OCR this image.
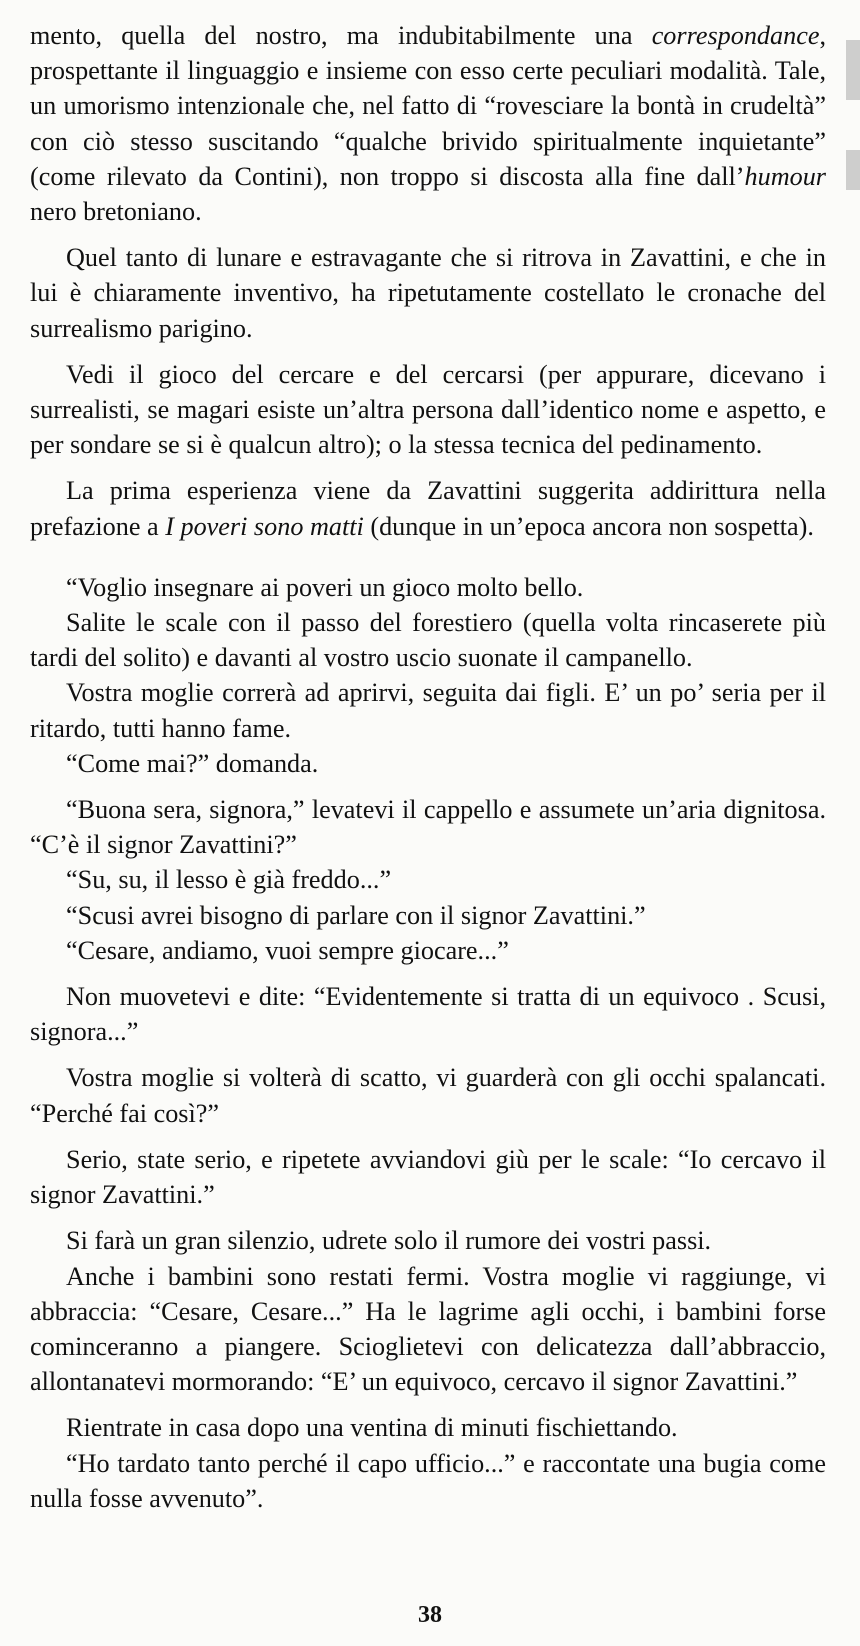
mento, quella del nostro, ma indubitabilmente una correspondance, prospettante il linguaggio e insieme con esso certe peculiari modalità. Tale, un umorismo intenzionale che, nel fatto di “rovesciare la bontà in crudeltà” con ciò stesso suscitando “qualche brivido spiritualmente inquietante” (come rilevato da Contini), non troppo si discosta alla fine dall’humour nero bretoniano.

Quel tanto di lunare e estravagante che si ritrova in Zavattini, e che in lui è chiaramente inventivo, ha ripetutamente costellato le cronache del surrealismo parigino.

Vedi il gioco del cercare e del cercarsi (per appurare, dicevano i surrealisti, se magari esiste un’altra persona dall’identico nome e aspetto, e per sondare se si è qualcun altro); o la stessa tecnica del pedinamento.

La prima esperienza viene da Zavattini suggerita addirittura nella prefazione a I poveri sono matti (dunque in un’epoca ancora non sospetta).

“Voglio insegnare ai poveri un gioco molto bello.

Salite le scale con il passo del forestiero (quella volta rincaserete più tardi del solito) e davanti al vostro uscio suonate il campanello.

Vostra moglie correrà ad aprirvi, seguita dai figli. E’ un po’ seria per il ritardo, tutti hanno fame.

“Come mai?” domanda.

“Buona sera, signora,” levatevi il cappello e assumete un’aria dignitosa. “C’è il signor Zavattini?”

“Su, su, il lesso è già freddo...”

“Scusi avrei bisogno di parlare con il signor Zavattini.”

“Cesare, andiamo, vuoi sempre giocare...”

Non muovetevi e dite: “Evidentemente si tratta di un equivoco . Scusi, signora...”

Vostra moglie si volterà di scatto, vi guarderà con gli occhi spalancati. “Perché fai così?”

Serio, state serio, e ripetete avviandovi giù per le scale: “Io cercavo il signor Zavattini.”

Si farà un gran silenzio, udrete solo il rumore dei vostri passi.

Anche i bambini sono restati fermi. Vostra moglie vi raggiunge, vi abbraccia: “Cesare, Cesare...” Ha le lagrime agli occhi, i bambini forse cominceranno a piangere. Scioglietevi con delicatezza dall’abbraccio, allontanatevi mormorando: “E’ un equivoco, cercavo il signor Zavattini.”

Rientrate in casa dopo una ventina di minuti fischiettando.

“Ho tardato tanto perché il capo ufficio...” e raccontate una bugia come nulla fosse avvenuto”.

38
